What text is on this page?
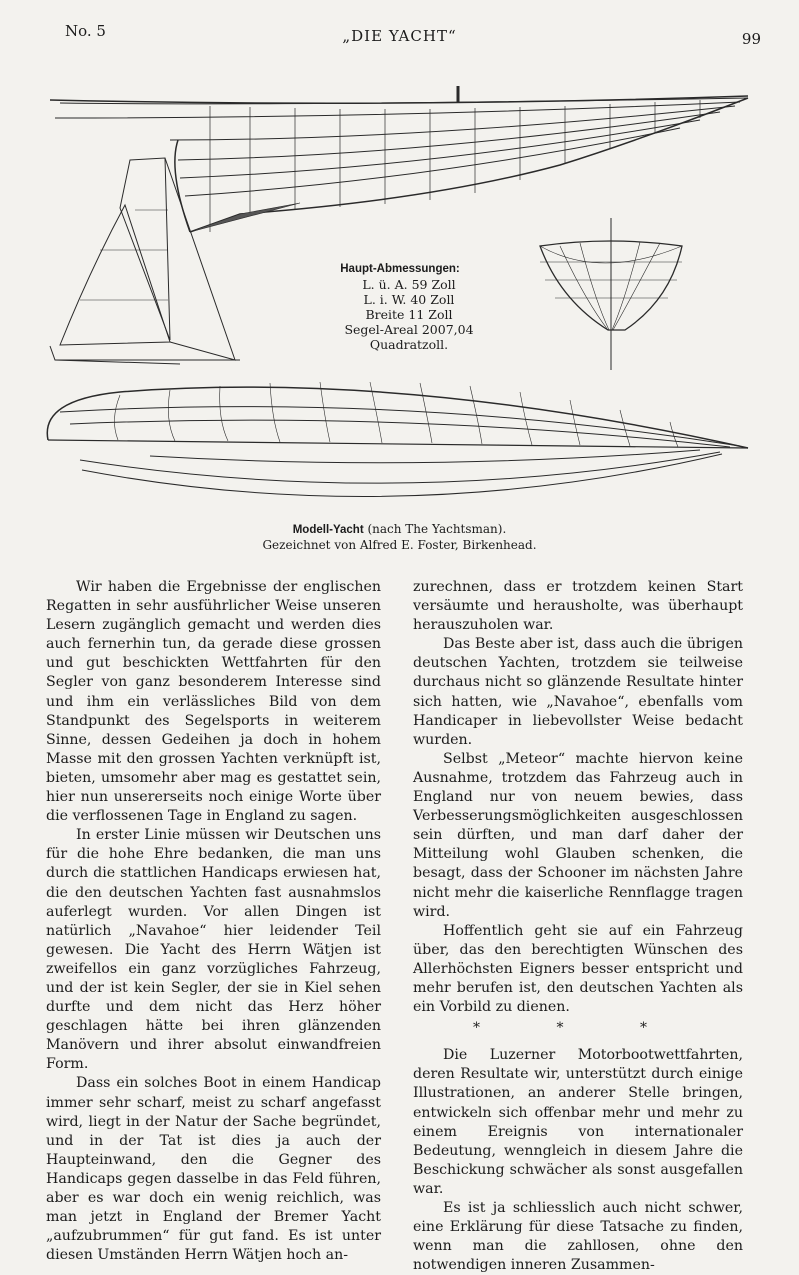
No. 5	„DIE YACHT“	99
Haupt-Abmessungen:
L. ü. A. 59 Zoll
L. i. W. 40 Zoll
Breite 11 Zoll
Segel-Areal 2007,04 Quadratzoll.
Modell-Yacht (nach The Yachtsman).
Gezeichnet von Alfred E. Foster, Birkenhead.

Wir haben die Ergebnisse der englischen Regatten in sehr ausführlicher Weise unseren Lesern zugänglich gemacht und werden dies auch fernerhin tun, da gerade diese grossen und gut beschickten Wettfahrten für den Segler von ganz besonderem Interesse sind und ihm ein verlässliches Bild von dem Standpunkt des Segelsports in weiterem Sinne, dessen Gedeihen ja doch in hohem Masse mit den grossen Yachten verknüpft ist, bieten, umsomehr aber mag es gestattet sein, hier nun unsererseits noch einige Worte über die verflossenen Tage in England zu sagen.

In erster Linie müssen wir Deutschen uns für die hohe Ehre bedanken, die man uns durch die stattlichen Handicaps erwiesen hat, die den deutschen Yachten fast ausnahmslos auferlegt wurden. Vor allen Dingen ist natürlich „Navahoe“ hier leidender Teil gewesen. Die Yacht des Herrn Wätjen ist zweifellos ein ganz vorzügliches Fahrzeug, und der ist kein Segler, der sie in Kiel sehen durfte und dem nicht das Herz höher geschlagen hätte bei ihren glänzenden Manövern und ihrer absolut einwandfreien Form.

Dass ein solches Boot in einem Handicap immer sehr scharf, meist zu scharf angefasst wird, liegt in der Natur der Sache begründet, und in der Tat ist dies ja auch der Haupteinwand, den die Gegner des Handicaps gegen dasselbe in das Feld führen, aber es war doch ein wenig reichlich, was man jetzt in England der Bremer Yacht „aufzubrummen“ für gut fand. Es ist unter diesen Umständen Herrn Wätjen hoch an-

zurechnen, dass er trotzdem keinen Start versäumte und herausholte, was überhaupt herauszuholen war.

Das Beste aber ist, dass auch die übrigen deutschen Yachten, trotzdem sie teilweise durchaus nicht so glänzende Resultate hinter sich hatten, wie „Navahoe“, ebenfalls vom Handicaper in liebevollster Weise bedacht wurden.

Selbst „Meteor“ machte hiervon keine Ausnahme, trotzdem das Fahrzeug auch in England nur von neuem bewies, dass Verbesserungsmöglichkeiten ausgeschlossen sein dürften, und man darf daher der Mitteilung wohl Glauben schenken, die besagt, dass der Schooner im nächsten Jahre nicht mehr die kaiserliche Rennflagge tragen wird.

Hoffentlich geht sie auf ein Fahrzeug über, das den berechtigten Wünschen des Allerhöchsten Eigners besser entspricht und mehr berufen ist, den deutschen Yachten als ein Vorbild zu dienen.

* * *

Die Luzerner Motorbootwettfahrten, deren Resultate wir, unterstützt durch einige Illustrationen, an anderer Stelle bringen, entwickeln sich offenbar mehr und mehr zu einem Ereignis von internationaler Bedeutung, wenngleich in diesem Jahre die Beschickung schwächer als sonst ausgefallen war.

Es ist ja schliesslich auch nicht schwer, eine Erklärung für diese Tatsache zu finden, wenn man die zahllosen, ohne den notwendigen inneren Zusammen-
